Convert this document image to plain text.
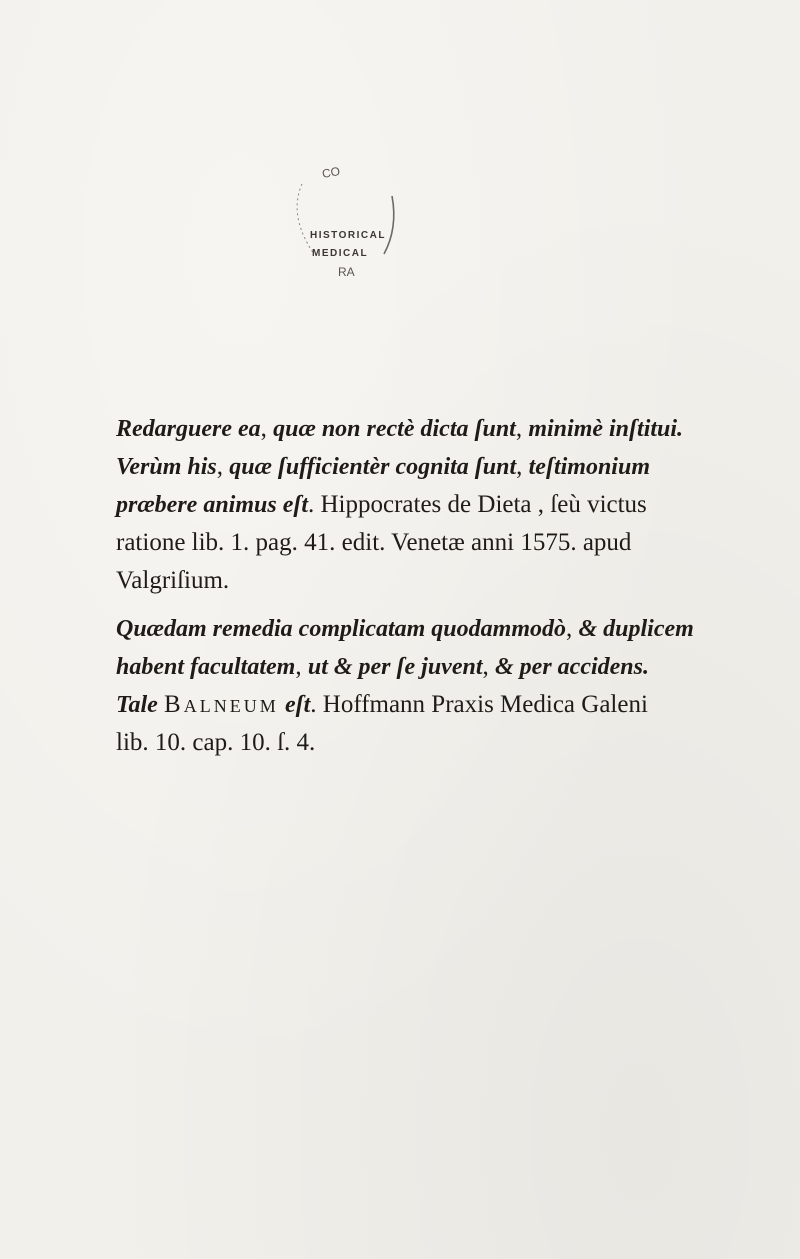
CO
HISTORICAL
MEDICAL
RA
Redarguere ea, quæ non rectè dicta ſunt, minimè inſtitui.
Verùm his, quæ ſufficientèr cognita ſunt, teſtimonium
præbere animus eſt. Hippocrates de Dieta , ſeù victus
ratione lib. 1. pag. 41. edit. Venetæ anni 1575. apud
Valgriſium.
Quædam remedia complicatam quodammodò, & duplicem
habent facultatem, ut & per ſe juvent, & per accidens.
Tale Balneum eſt. Hoffmann Praxis Medica Galeni
lib. 10. cap. 10. ſ. 4.
